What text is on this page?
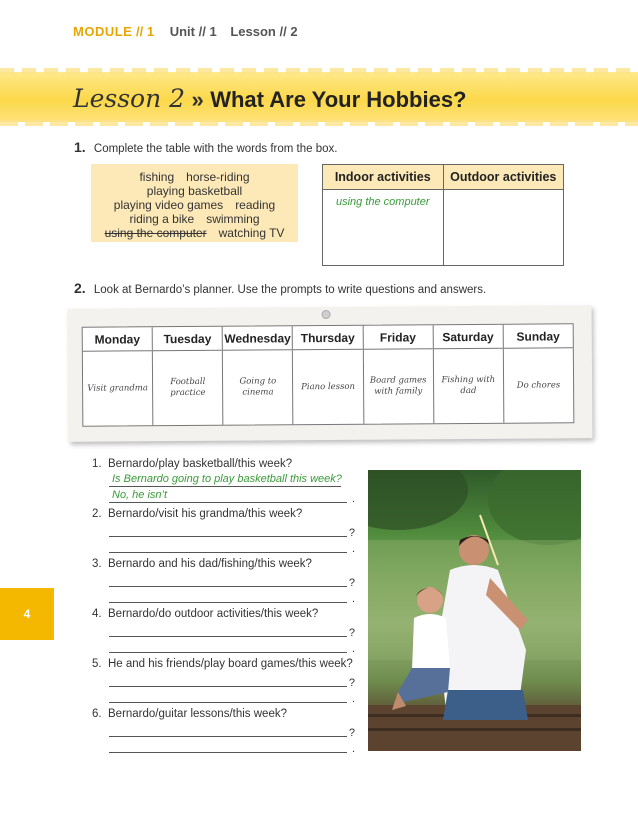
MODULE // 1 Unit // 1 Lesson // 2
Lesson 2 » What Are Your Hobbies?
1. Complete the table with the words from the box.
fishing horse-riding
playing basketball
playing video games reading
riding a bike swimming
using the computer watching TV
Indoor activities	Outdoor activities
using the computer
2. Look at Bernardo’s planner. Use the prompts to write questions and answers.
Monday
Visit grandma
Tuesday
Football practice
Wednesday
Going to cinema
Thursday
Piano lesson
Friday
Board games with family
Saturday
Fishing with dad
Sunday
Do chores
1. Bernardo/play basketball/this week?
Is Bernardo going to play basketball this week?
No, he isn’t	.
2. Bernardo/visit his grandma/this week?
?
.
3. Bernardo and his dad/fishing/this week?
?
.
4. Bernardo/do outdoor activities/this week?
?
.
5. He and his friends/play board games/this week?
?
.
6. Bernardo/guitar lessons/this week?
?
.
4
